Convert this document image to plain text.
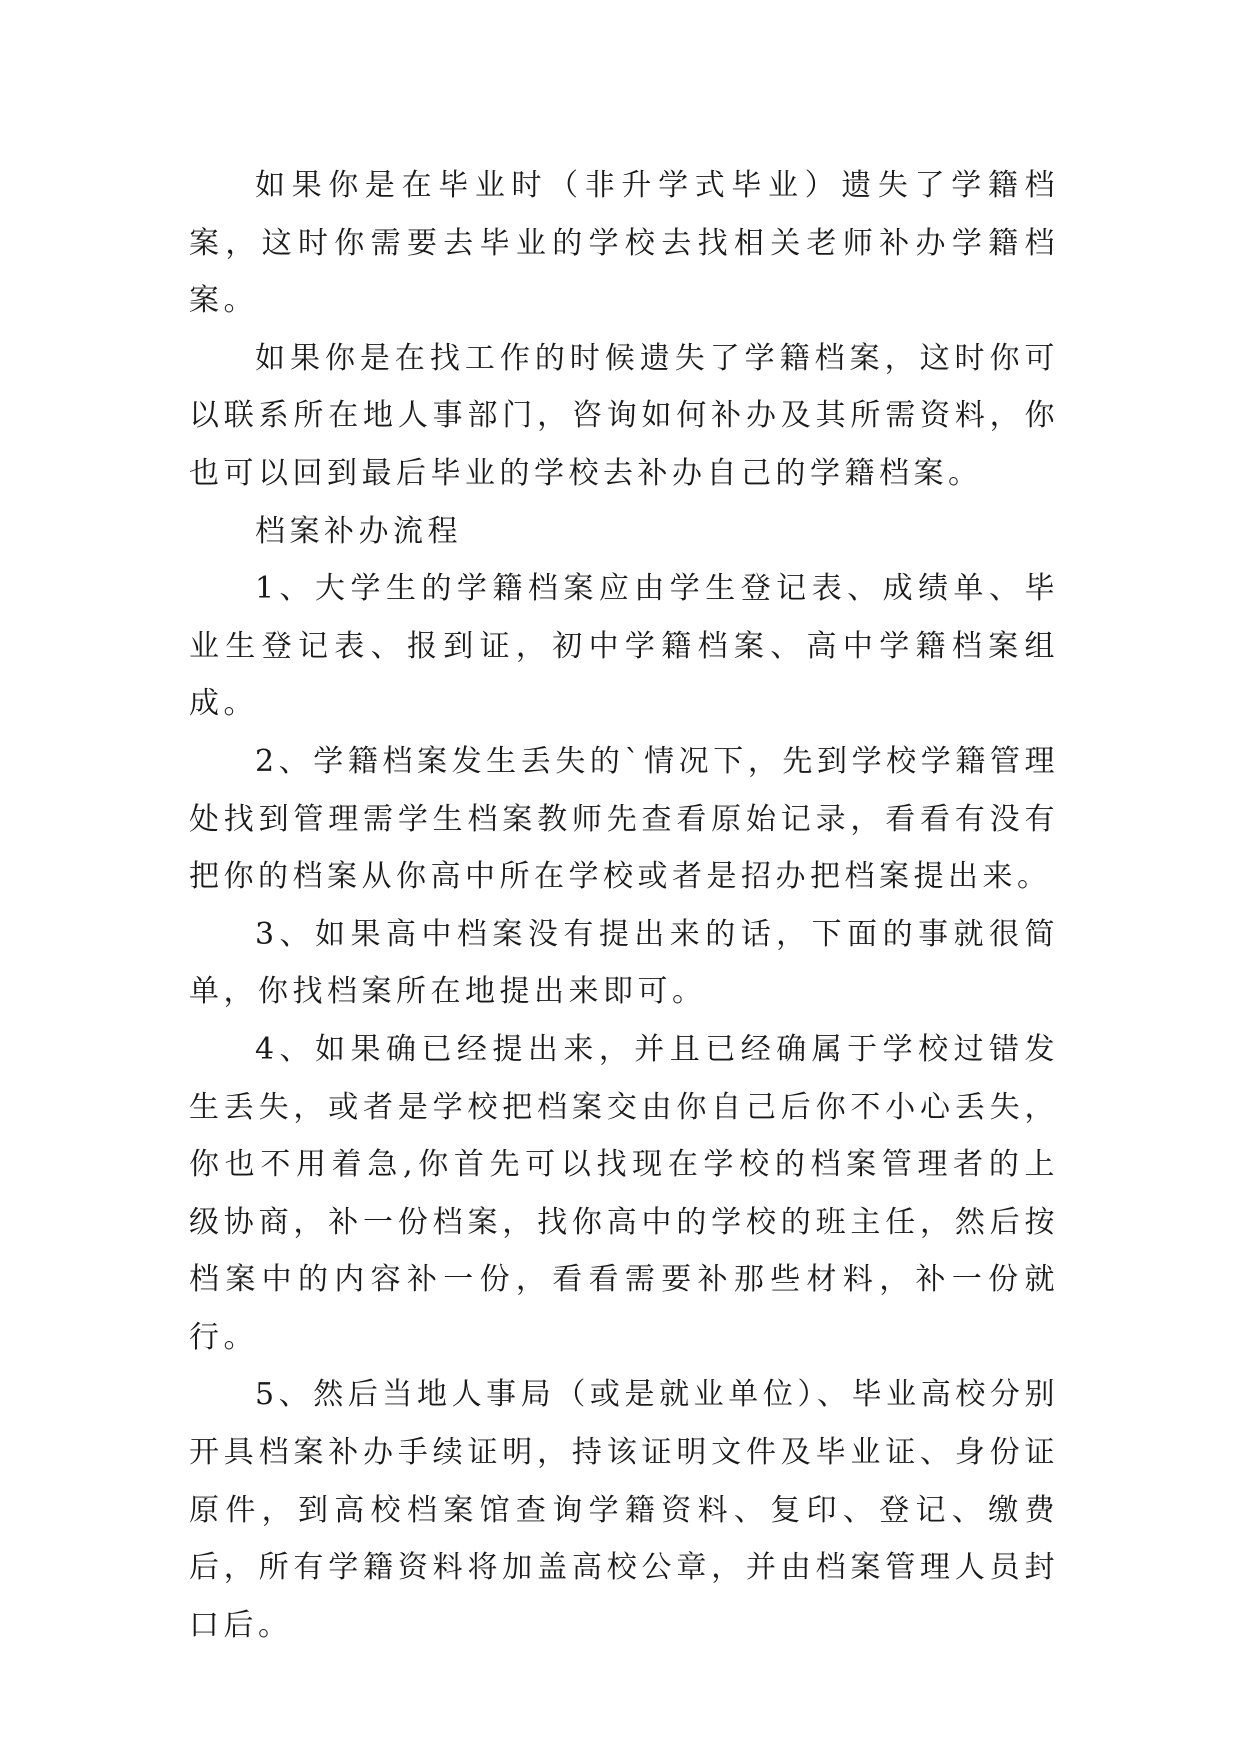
如果你是在毕业时（非升学式毕业）遗失了学籍档案，这时你需要去毕业的学校去找相关老师补办学籍档案。

如果你是在找工作的时候遗失了学籍档案，这时你可以联系所在地人事部门，咨询如何补办及其所需资料，你也可以回到最后毕业的学校去补办自己的学籍档案。

档案补办流程

1、大学生的学籍档案应由学生登记表、成绩单、毕业生登记表、报到证，初中学籍档案、高中学籍档案组成。

2、学籍档案发生丢失的`情况下，先到学校学籍管理处找到管理需学生档案教师先查看原始记录，看看有没有把你的档案从你高中所在学校或者是招办把档案提出来。

3、如果高中档案没有提出来的话，下面的事就很简单，你找档案所在地提出来即可。

4、如果确已经提出来，并且已经确属于学校过错发生丢失，或者是学校把档案交由你自己后你不小心丢失，你也不用着急,你首先可以找现在学校的档案管理者的上级协商，补一份档案，找你高中的学校的班主任，然后按档案中的内容补一份，看看需要补那些材料，补一份就行。

5、然后当地人事局（或是就业单位）、毕业高校分别开具档案补办手续证明，持该证明文件及毕业证、身份证原件，到高校档案馆查询学籍资料、复印、登记、缴费后，所有学籍资料将加盖高校公章，并由档案管理人员封口后。
